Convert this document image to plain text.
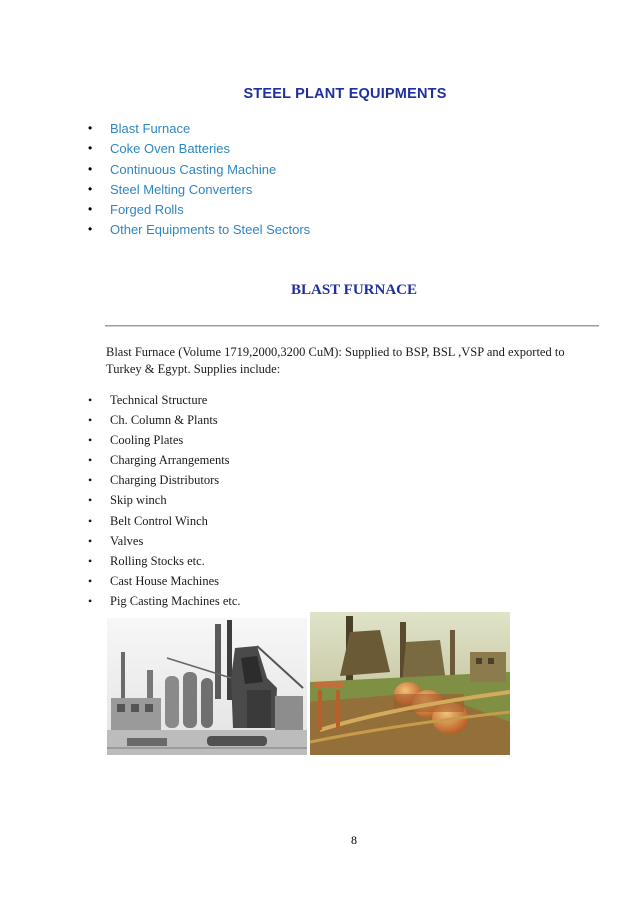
STEEL PLANT EQUIPMENTS
• Blast Furnace
• Coke Oven Batteries
• Continuous Casting Machine
• Steel Melting Converters
• Forged Rolls
• Other Equipments to Steel Sectors
BLAST FURNACE

Blast Furnace (Volume 1719,2000,3200 CuM): Supplied to BSP, BSL ,VSP and exported to Turkey & Egypt. Supplies include:

• Technical Structure
• Ch. Column & Plants
• Cooling Plates
• Charging Arrangements
• Charging Distributors
• Skip winch
• Belt Control Winch
• Valves
• Rolling Stocks etc.
• Cast House Machines
• Pig Casting Machines etc.
8
